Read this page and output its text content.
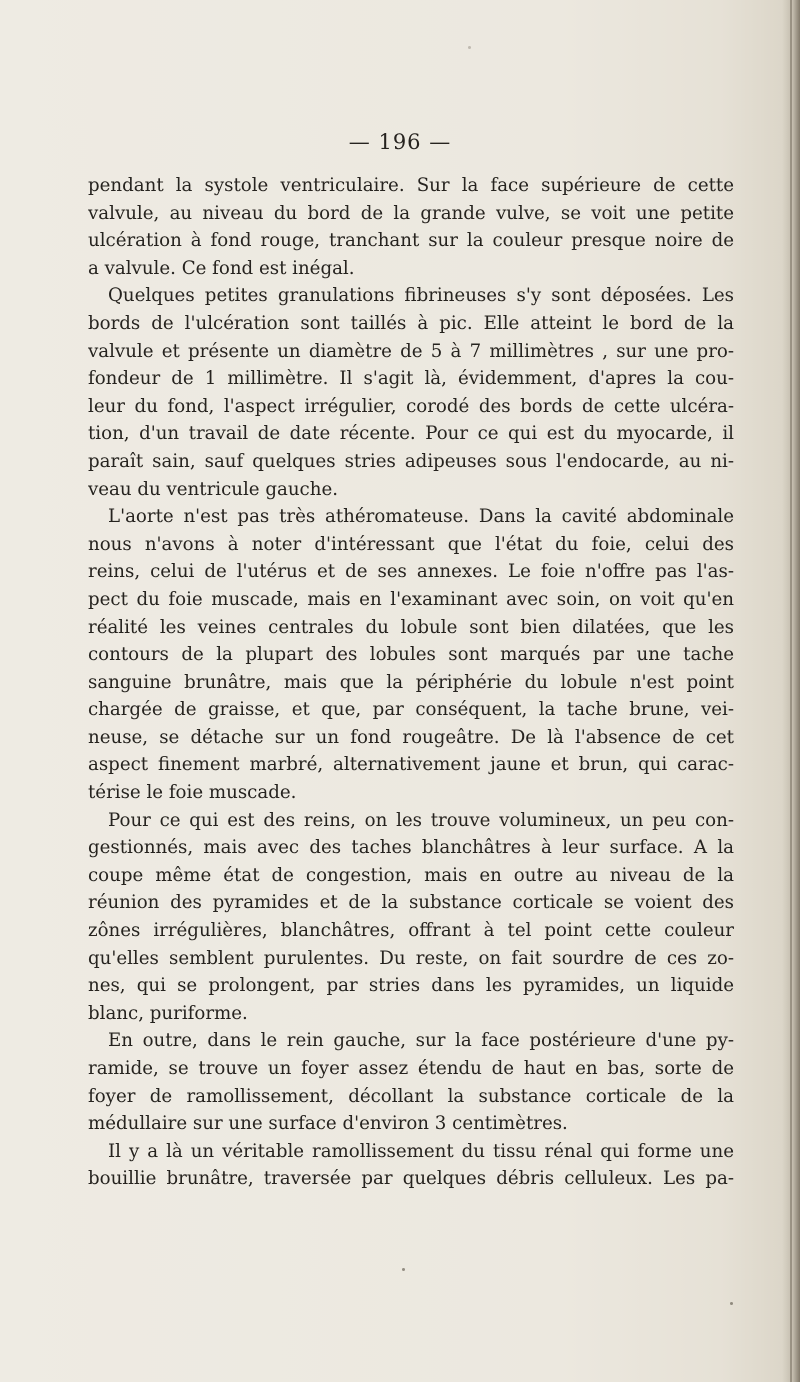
— 196 —
pendant la systole ventriculaire. Sur la face supérieure de cette
valvule, au niveau du bord de la grande vulve, se voit une petite
ulcération à fond rouge, tranchant sur la couleur presque noire de
a valvule. Ce fond est inégal.
Quelques petites granulations fibrineuses s'y sont déposées. Les
bords de l'ulcération sont taillés à pic. Elle atteint le bord de la
valvule et présente un diamètre de 5 à 7 millimètres , sur une pro-
fondeur de 1 millimètre. Il s'agit là, évidemment, d'apres la cou-
leur du fond, l'aspect irrégulier, corodé des bords de cette ulcéra-
tion, d'un travail de date récente. Pour ce qui est du myocarde, il
paraît sain, sauf quelques stries adipeuses sous l'endocarde, au ni-
veau du ventricule gauche.
L'aorte n'est pas très athéromateuse. Dans la cavité abdominale
nous n'avons à noter d'intéressant que l'état du foie, celui des
reins, celui de l'utérus et de ses annexes. Le foie n'offre pas l'as-
pect du foie muscade, mais en l'examinant avec soin, on voit qu'en
réalité les veines centrales du lobule sont bien dilatées, que les
contours de la plupart des lobules sont marqués par une tache
sanguine brunâtre, mais que la périphérie du lobule n'est point
chargée de graisse, et que, par conséquent, la tache brune, vei-
neuse, se détache sur un fond rougeâtre. De là l'absence de cet
aspect finement marbré, alternativement jaune et brun, qui carac-
térise le foie muscade.
Pour ce qui est des reins, on les trouve volumineux, un peu con-
gestionnés, mais avec des taches blanchâtres à leur surface. A la
coupe même état de congestion, mais en outre au niveau de la
réunion des pyramides et de la substance corticale se voient des
zônes irrégulières, blanchâtres, offrant à tel point cette couleur
qu'elles semblent purulentes. Du reste, on fait sourdre de ces zo-
nes, qui se prolongent, par stries dans les pyramides, un liquide
blanc, puriforme.
En outre, dans le rein gauche, sur la face postérieure d'une py-
ramide, se trouve un foyer assez étendu de haut en bas, sorte de
foyer de ramollissement, décollant la substance corticale de la
médullaire sur une surface d'environ 3 centimètres.
Il y a là un véritable ramollissement du tissu rénal qui forme une
bouillie brunâtre, traversée par quelques débris celluleux. Les pa-
